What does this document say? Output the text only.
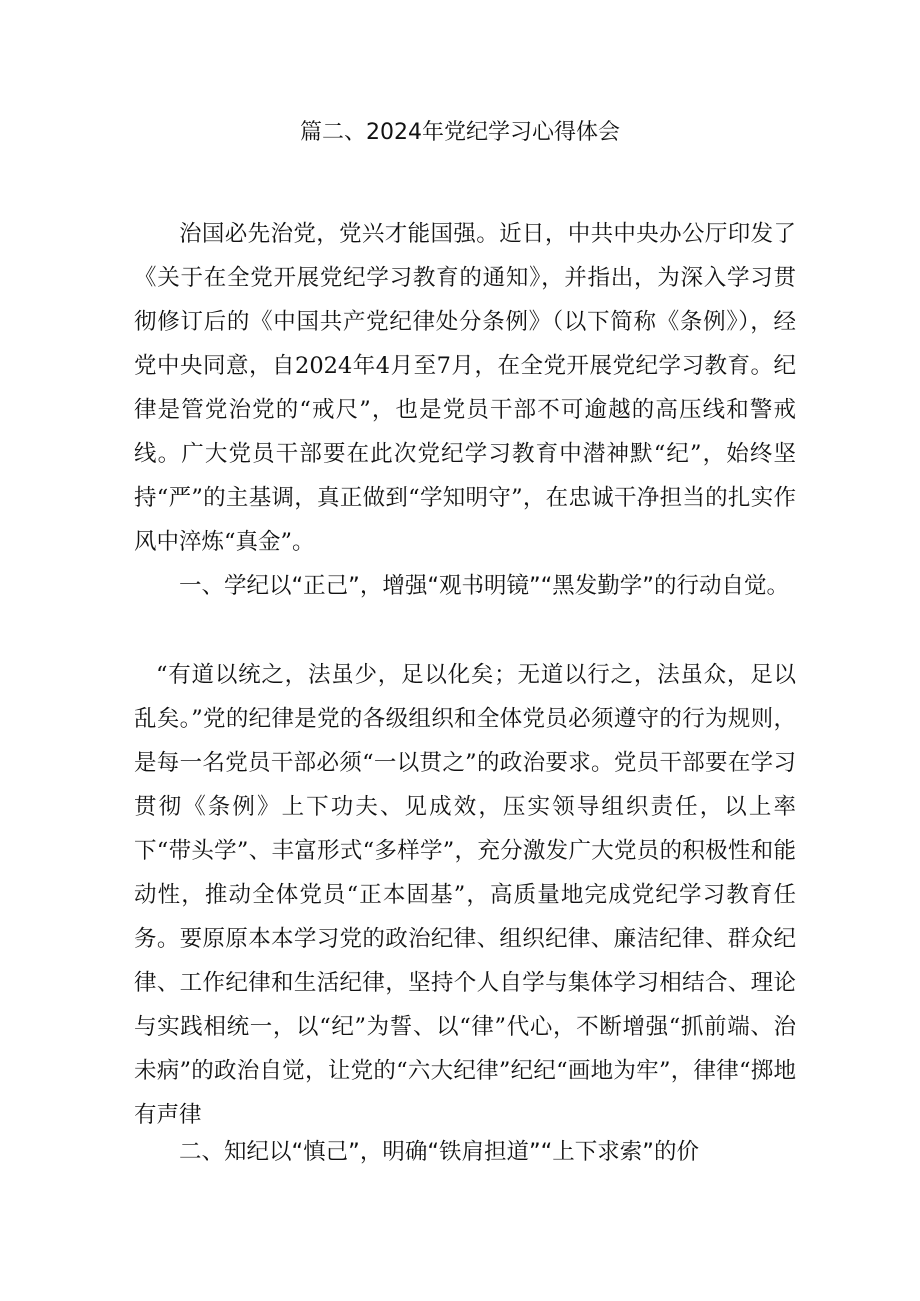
篇二、2024年党纪学习心得体会

治国必先治党，党兴才能国强。近日，中共中央办公厅印发了《关于在全党开展党纪学习教育的通知》，并指出，为深入学习贯彻修订后的《中国共产党纪律处分条例》（以下简称《条例》），经党中央同意，自2024年4月至7月，在全党开展党纪学习教育。纪律是管党治党的“戒尺”，也是党员干部不可逾越的高压线和警戒线。广大党员干部要在此次党纪学习教育中潜神默“纪”，始终坚持“严”的主基调，真正做到“学知明守”，在忠诚干净担当的扎实作风中淬炼“真金”。

一、学纪以“正己”，增强“观书明镜”“黑发勤学”的行动自觉。

“有道以统之，法虽少，足以化矣；无道以行之，法虽众，足以乱矣。”党的纪律是党的各级组织和全体党员必须遵守的行为规则，是每一名党员干部必须“一以贯之”的政治要求。党员干部要在学习贯彻《条例》上下功夫、见成效，压实领导组织责任，以上率下“带头学”、丰富形式“多样学”，充分激发广大党员的积极性和能动性，推动全体党员“正本固基”，高质量地完成党纪学习教育任务。要原原本本学习党的政治纪律、组织纪律、廉洁纪律、群众纪律、工作纪律和生活纪律，坚持个人自学与集体学习相结合、理论与实践相统一，以“纪”为誓、以“律”代心，不断增强“抓前端、治未病”的政治自觉，让党的“六大纪律”纪纪“画地为牢”，律律“掷地有声律

二、知纪以“慎己”，明确“铁肩担道”“上下求索”的价
